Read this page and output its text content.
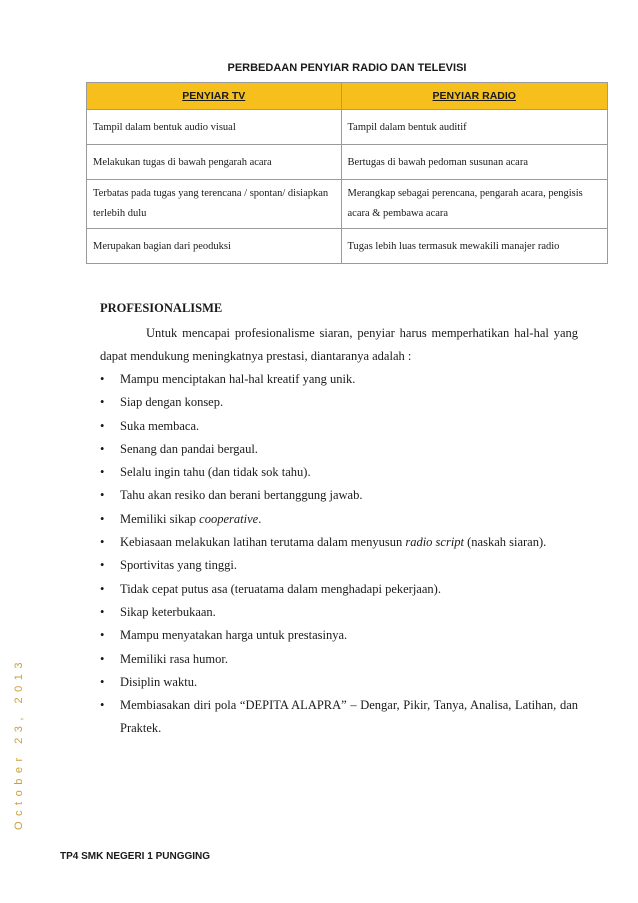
PERBEDAAN PENYIAR RADIO DAN TELEVISI
PENYIAR TV	PENYIAR RADIO
Tampil dalam bentuk audio visual	Tampil dalam bentuk auditif
Melakukan tugas di bawah pengarah acara	Bertugas di bawah pedoman susunan acara
Terbatas pada tugas yang terencana / spontan/ disiapkan terlebih dulu	Merangkap sebagai perencana, pengarah acara, pengisis acara & pembawa acara
Merupakan bagian dari peoduksi	Tugas lebih luas termasuk mewakili manajer radio
PROFESIONALISME
Untuk mencapai profesionalisme siaran, penyiar harus memperhatikan hal-hal yang dapat mendukung meningkatnya prestasi, diantaranya adalah :
• Mampu menciptakan hal-hal kreatif yang unik.
• Siap dengan konsep.
• Suka membaca.
• Senang dan pandai bergaul.
• Selalu ingin tahu (dan tidak sok tahu).
• Tahu akan resiko dan berani bertanggung jawab.
• Memiliki sikap cooperative.
• Kebiasaan melakukan latihan terutama dalam menyusun radio script (naskah siaran).
• Sportivitas yang tinggi.
• Tidak cepat putus asa (teruatama dalam menghadapi pekerjaan).
• Sikap keterbukaan.
• Mampu menyatakan harga untuk prestasinya.
• Memiliki rasa humor.
• Disiplin waktu.
• Membiasakan diri pola “DEPITA ALAPRA” – Dengar, Pikir, Tanya, Analisa, Latihan, dan Praktek.
October 23, 2013
TP4 SMK NEGERI 1 PUNGGING
